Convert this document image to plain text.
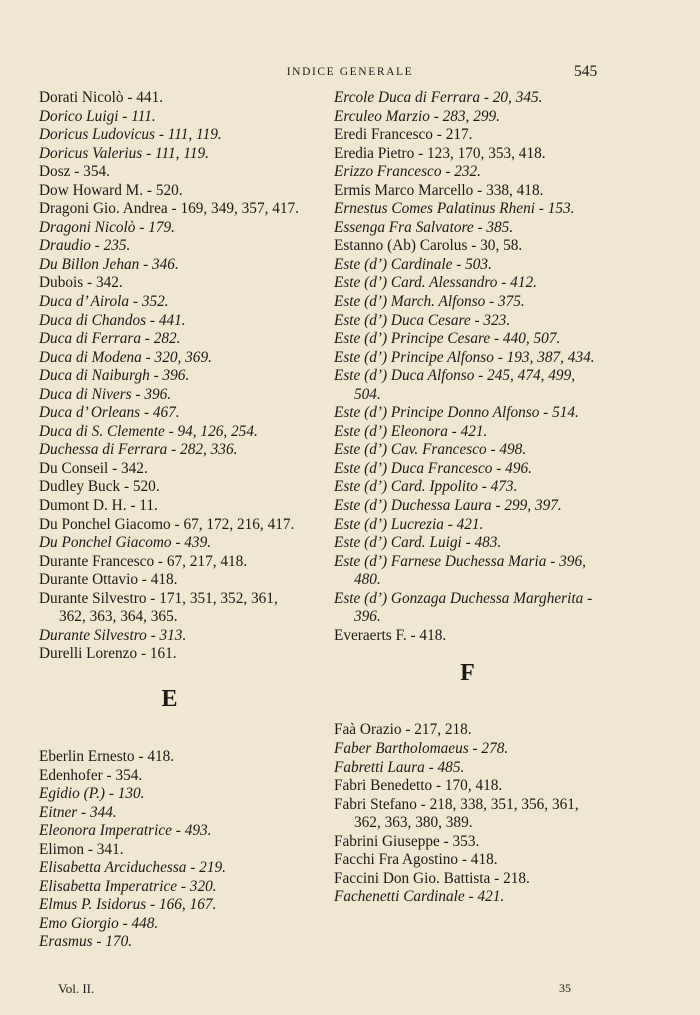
INDICE GENERALE	545
Dorati Nicolò - 441.
Dorico Luigi - 111.
Doricus Ludovicus - 111, 119.
Doricus Valerius - 111, 119.
Dosz - 354.
Dow Howard M. - 520.
Dragoni Gio. Andrea - 169, 349, 357, 417.
Dragoni Nicolò - 179.
Draudio - 235.
Du Billon Jehan - 346.
Dubois - 342.
Duca d’ Airola - 352.
Duca di Chandos - 441.
Duca di Ferrara - 282.
Duca di Modena - 320, 369.
Duca di Naiburgh - 396.
Duca di Nivers - 396.
Duca d’ Orleans - 467.
Duca di S. Clemente - 94, 126, 254.
Duchessa di Ferrara - 282, 336.
Du Conseil - 342.
Dudley Buck - 520.
Dumont D. H. - 11.
Du Ponchel Giacomo - 67, 172, 216, 417.
Du Ponchel Giacomo - 439.
Durante Francesco - 67, 217, 418.
Durante Ottavio - 418.
Durante Silvestro - 171, 351, 352, 361, 362, 363, 364, 365.
Durante Silvestro - 313.
Durelli Lorenzo - 161.
E
Eberlin Ernesto - 418.
Edenhofer - 354.
Egidio (P.) - 130.
Eitner - 344.
Eleonora Imperatrice - 493.
Elimon - 341.
Elisabetta Arciduchessa - 219.
Elisabetta Imperatrice - 320.
Elmus P. Isidorus - 166, 167.
Emo Giorgio - 448.
Erasmus - 170.
Ercole Duca di Ferrara - 20, 345.
Erculeo Marzio - 283, 299.
Eredi Francesco - 217.
Eredia Pietro - 123, 170, 353, 418.
Erizzo Francesco - 232.
Ermis Marco Marcello - 338, 418.
Ernestus Comes Palatinus Rheni - 153.
Essenga Fra Salvatore - 385.
Estanno (Ab) Carolus - 30, 58.
Este (d’) Cardinale - 503.
Este (d’) Card. Alessandro - 412.
Este (d’) March. Alfonso - 375.
Este (d’) Duca Cesare - 323.
Este (d’) Principe Cesare - 440, 507.
Este (d’) Principe Alfonso - 193, 387, 434.
Este (d’) Duca Alfonso - 245, 474, 499, 504.
Este (d’) Principe Donno Alfonso - 514.
Este (d’) Eleonora - 421.
Este (d’) Cav. Francesco - 498.
Este (d’) Duca Francesco - 496.
Este (d’) Card. Ippolito - 473.
Este (d’) Duchessa Laura - 299, 397.
Este (d’) Lucrezia - 421.
Este (d’) Card. Luigi - 483.
Este (d’) Farnese Duchessa Maria - 396, 480.
Este (d’) Gonzaga Duchessa Margherita - 396.
Everaerts F. - 418.
F
Faà Orazio - 217, 218.
Faber Bartholomaeus - 278.
Fabretti Laura - 485.
Fabri Benedetto - 170, 418.
Fabri Stefano - 218, 338, 351, 356, 361, 362, 363, 380, 389.
Fabrini Giuseppe - 353.
Facchi Fra Agostino - 418.
Faccini Don Gio. Battista - 218.
Fachenetti Cardinale - 421.
Vol. II.	35
